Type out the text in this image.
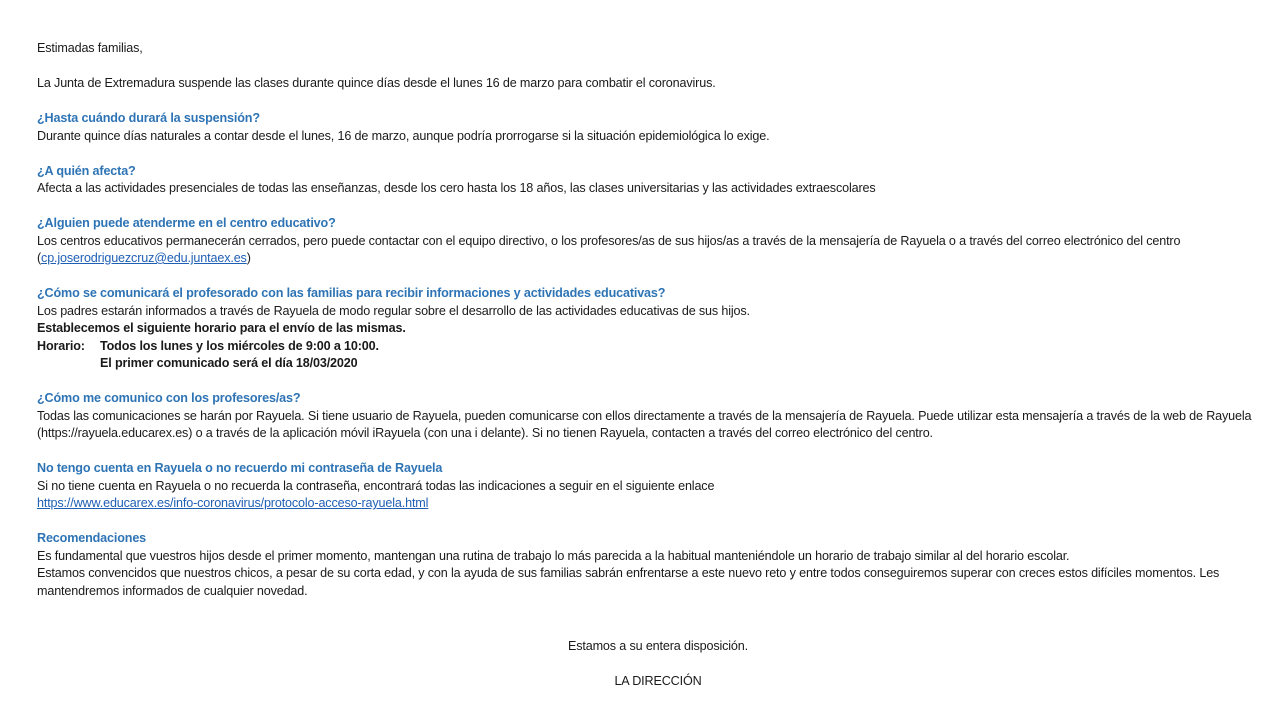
Estimadas familias,
La Junta de Extremadura suspende las clases durante quince días desde el lunes 16 de marzo para combatir el coronavirus.
¿Hasta cuándo durará la suspensión?
Durante quince días naturales a contar desde el lunes, 16 de marzo, aunque podría prorrogarse si la situación epidemiológica lo exige.
¿A quién afecta?
Afecta a las actividades presenciales de todas las enseñanzas, desde los cero hasta los 18 años, las clases universitarias y las actividades extraescolares
¿Alguien puede atenderme en el centro educativo?
Los centros educativos permanecerán cerrados, pero puede contactar con el equipo directivo, o los profesores/as de sus hijos/as a través de la mensajería de Rayuela o a través del correo electrónico del centro (cp.joserodriguezcruz@edu.juntaex.es)
¿Cómo se comunicará el profesorado con las familias para recibir informaciones y actividades educativas?
Los padres estarán informados a través de Rayuela de modo regular sobre el desarrollo de las actividades educativas de sus hijos.
Establecemos el siguiente horario para el envío de las mismas.
Horario:	Todos los lunes y los miércoles de 9:00 a 10:00.
El primer comunicado será el día 18/03/2020
¿Cómo me comunico con los profesores/as?
Todas las comunicaciones se harán por Rayuela. Si tiene usuario de Rayuela, pueden comunicarse con ellos directamente a través de la mensajería de Rayuela. Puede utilizar esta mensajería a través de la web de Rayuela (https://rayuela.educarex.es) o a través de la aplicación móvil iRayuela (con una i delante). Si no tienen Rayuela, contacten a través del correo electrónico del centro.
No tengo cuenta en Rayuela o no recuerdo mi contraseña de Rayuela
Si no tiene cuenta en Rayuela o no recuerda la contraseña, encontrará todas las indicaciones a seguir en el siguiente enlace
https://www.educarex.es/info-coronavirus/protocolo-acceso-rayuela.html
Recomendaciones
Es fundamental que vuestros hijos desde el primer momento, mantengan una rutina de trabajo lo más parecida a la habitual manteniéndole un horario de trabajo similar al del horario escolar.
Estamos convencidos que nuestros chicos, a pesar de su corta edad, y con la ayuda de sus familias sabrán enfrentarse a este nuevo reto y entre todos conseguiremos superar con creces estos difíciles momentos. Les mantendremos informados de cualquier novedad.
Estamos a su entera disposición.
LA DIRECCIÓN
